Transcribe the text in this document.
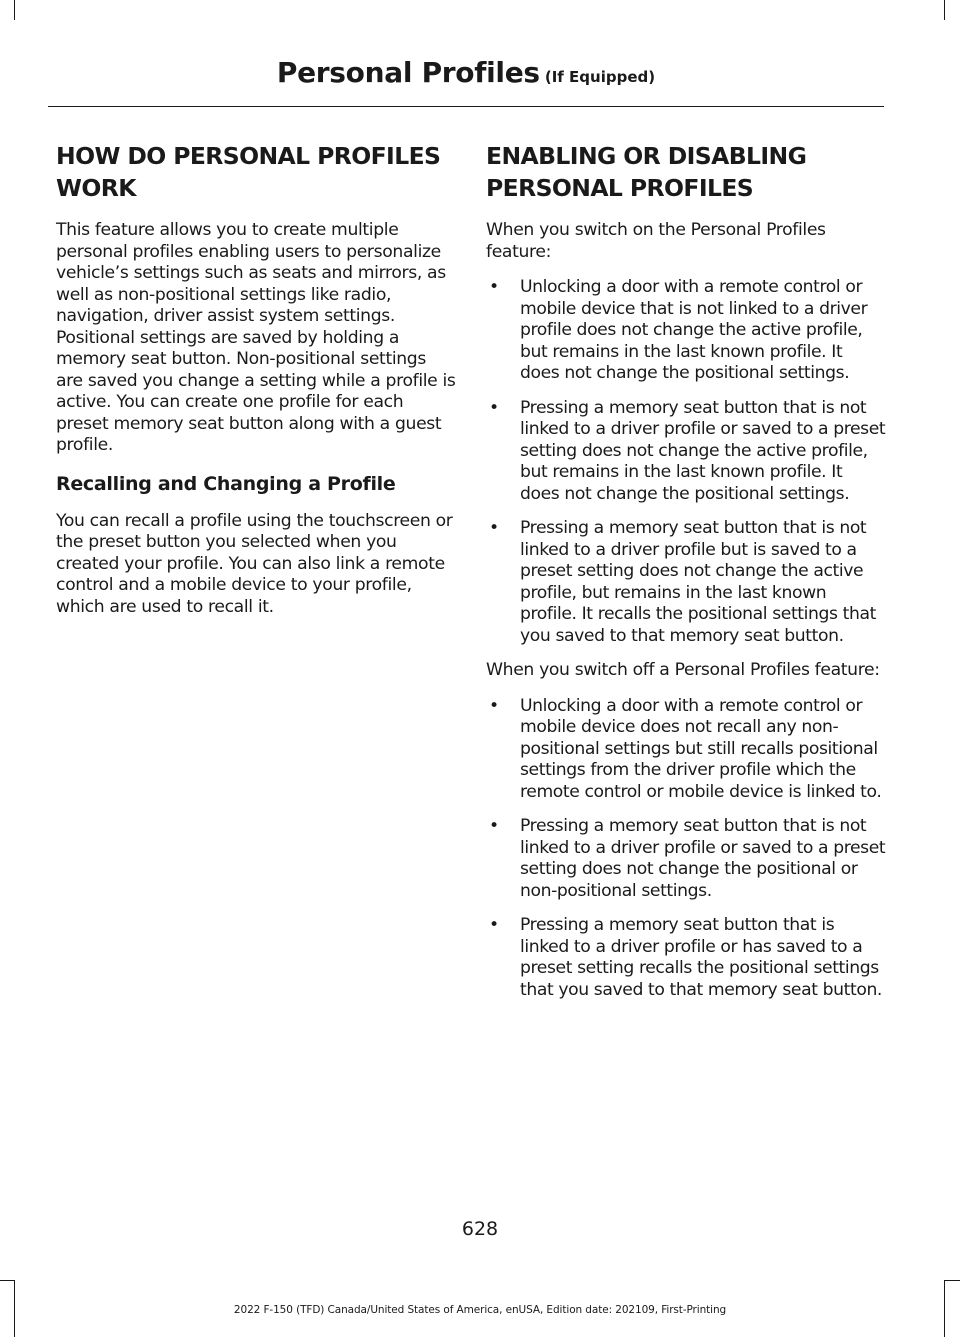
Personal Profiles (If Equipped)
HOW DO PERSONAL PROFILES WORK

This feature allows you to create multiple personal profiles enabling users to personalize vehicle’s settings such as seats and mirrors, as well as non-positional settings like radio, navigation, driver assist system settings. Positional settings are saved by holding a memory seat button. Non-positional settings are saved you change a setting while a profile is active. You can create one profile for each preset memory seat button along with a guest profile.

Recalling and Changing a Profile

You can recall a profile using the touchscreen or the preset button you selected when you created your profile. You can also link a remote control and a mobile device to your profile, which are used to recall it.

ENABLING OR DISABLING PERSONAL PROFILES

When you switch on the Personal Profiles feature:

• Unlocking a door with a remote control or mobile device that is not linked to a driver profile does not change the active profile, but remains in the last known profile. It does not change the positional settings.
• Pressing a memory seat button that is not linked to a driver profile or saved to a preset setting does not change the active profile, but remains in the last known profile. It does not change the positional settings.
• Pressing a memory seat button that is not linked to a driver profile but is saved to a preset setting does not change the active profile, but remains in the last known profile. It recalls the positional settings that you saved to that memory seat button.

When you switch off a Personal Profiles feature:

• Unlocking a door with a remote control or mobile device does not recall any non-positional settings but still recalls positional settings from the driver profile which the remote control or mobile device is linked to.
• Pressing a memory seat button that is not linked to a driver profile or saved to a preset setting does not change the positional or non-positional settings.
• Pressing a memory seat button that is linked to a driver profile or has saved to a preset setting recalls the positional settings that you saved to that memory seat button.
628
2022 F-150 (TFD) Canada/United States of America, enUSA, Edition date: 202109, First-Printing
